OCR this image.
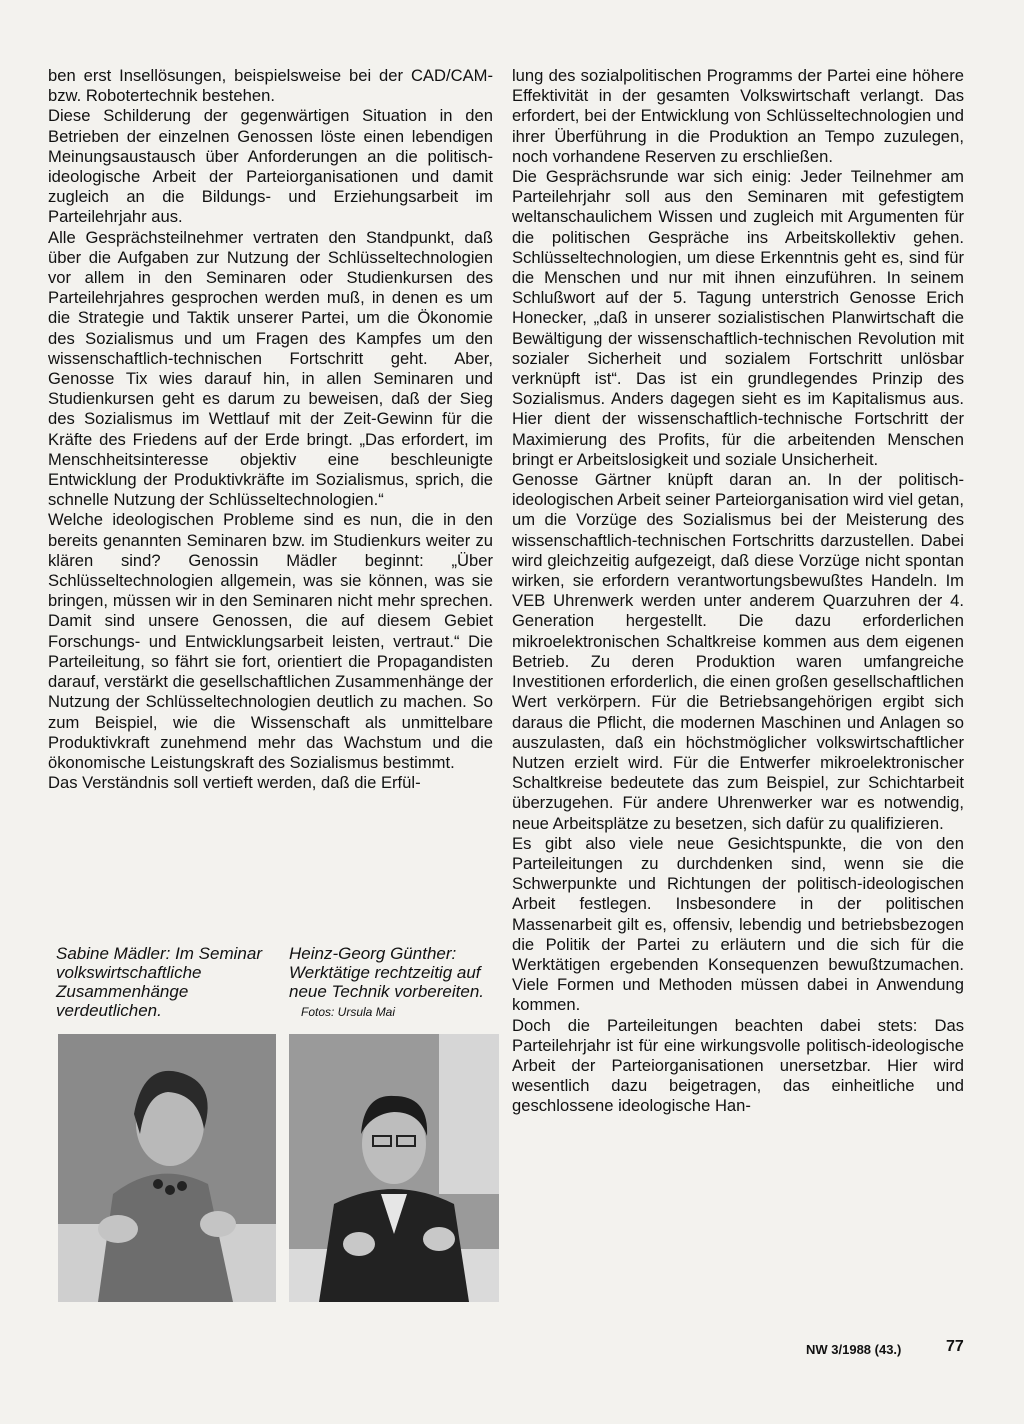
ben erst Insellösungen, beispielsweise bei der CAD/CAM- bzw. Robotertechnik bestehen.

Diese Schilderung der gegenwärtigen Situation in den Betrieben der einzelnen Genossen löste einen lebendigen Meinungsaustausch über Anforderungen an die politisch-ideologische Arbeit der Parteiorganisationen und damit zugleich an die Bildungs- und Erziehungsarbeit im Parteilehrjahr aus.

Alle Gesprächsteilnehmer vertraten den Standpunkt, daß über die Aufgaben zur Nutzung der Schlüsseltechnologien vor allem in den Seminaren oder Studienkursen des Parteilehrjahres gesprochen werden muß, in denen es um die Strategie und Taktik unserer Partei, um die Ökonomie des Sozialismus und um Fragen des Kampfes um den wissenschaftlich-technischen Fortschritt geht. Aber, Genosse Tix wies darauf hin, in allen Seminaren und Studienkursen geht es darum zu beweisen, daß der Sieg des Sozialismus im Wettlauf mit der Zeit-Gewinn für die Kräfte des Friedens auf der Erde bringt. „Das erfordert, im Menschheitsinteresse objektiv eine beschleunigte Entwicklung der Produktivkräfte im Sozialismus, sprich, die schnelle Nutzung der Schlüsseltechnologien.“

Welche ideologischen Probleme sind es nun, die in den bereits genannten Seminaren bzw. im Studienkurs weiter zu klären sind? Genossin Mädler beginnt: „Über Schlüsseltechnologien allgemein, was sie können, was sie bringen, müssen wir in den Seminaren nicht mehr sprechen. Damit sind unsere Genossen, die auf diesem Gebiet Forschungs- und Entwicklungsarbeit leisten, vertraut.“ Die Parteileitung, so fährt sie fort, orientiert die Propagandisten darauf, verstärkt die gesellschaftlichen Zusammenhänge der Nutzung der Schlüsseltechnologien deutlich zu machen. So zum Beispiel, wie die Wissenschaft als unmittelbare Produktivkraft zunehmend mehr das Wachstum und die ökonomische Leistungskraft des Sozialismus bestimmt.

Das Verständnis soll vertieft werden, daß die Erfül-

Sabine Mädler: Im Seminar volkswirtschaftliche Zusammenhänge verdeutlichen.
Heinz-Georg Günther: Werktätige rechtzeitig auf neue Technik vorbereiten. Fotos: Ursula Mai

lung des sozialpolitischen Programms der Partei eine höhere Effektivität in der gesamten Volkswirtschaft verlangt. Das erfordert, bei der Entwicklung von Schlüsseltechnologien und ihrer Überführung in die Produktion an Tempo zuzulegen, noch vorhandene Reserven zu erschließen.

Die Gesprächsrunde war sich einig: Jeder Teilnehmer am Parteilehrjahr soll aus den Seminaren mit gefestigtem weltanschaulichem Wissen und zugleich mit Argumenten für die politischen Gespräche ins Arbeitskollektiv gehen. Schlüsseltechnologien, um diese Erkenntnis geht es, sind für die Menschen und nur mit ihnen einzuführen. In seinem Schlußwort auf der 5. Tagung unterstrich Genosse Erich Honecker, „daß in unserer sozialistischen Planwirtschaft die Bewältigung der wissenschaftlich-technischen Revolution mit sozialer Sicherheit und sozialem Fortschritt unlösbar verknüpft ist“. Das ist ein grundlegendes Prinzip des Sozialismus. Anders dagegen sieht es im Kapitalismus aus. Hier dient der wissenschaftlich-technische Fortschritt der Maximierung des Profits, für die arbeitenden Menschen bringt er Arbeitslosigkeit und soziale Unsicherheit.

Genosse Gärtner knüpft daran an. In der politisch-ideologischen Arbeit seiner Parteiorganisation wird viel getan, um die Vorzüge des Sozialismus bei der Meisterung des wissenschaftlich-technischen Fortschritts darzustellen. Dabei wird gleichzeitig aufgezeigt, daß diese Vorzüge nicht spontan wirken, sie erfordern verantwortungsbewußtes Handeln. Im VEB Uhrenwerk werden unter anderem Quarzuhren der 4. Generation hergestellt. Die dazu erforderlichen mikroelektronischen Schaltkreise kommen aus dem eigenen Betrieb. Zu deren Produktion waren umfangreiche Investitionen erforderlich, die einen großen gesellschaftlichen Wert verkörpern. Für die Betriebsangehörigen ergibt sich daraus die Pflicht, die modernen Maschinen und Anlagen so auszulasten, daß ein höchstmöglicher volkswirtschaftlicher Nutzen erzielt wird. Für die Entwerfer mikroelektronischer Schaltkreise bedeutete das zum Beispiel, zur Schichtarbeit überzugehen. Für andere Uhrenwerker war es notwendig, neue Arbeitsplätze zu besetzen, sich dafür zu qualifizieren.

Es gibt also viele neue Gesichtspunkte, die von den Parteileitungen zu durchdenken sind, wenn sie die Schwerpunkte und Richtungen der politisch-ideologischen Arbeit festlegen. Insbesondere in der politischen Massenarbeit gilt es, offensiv, lebendig und betriebsbezogen die Politik der Partei zu erläutern und die sich für die Werktätigen ergebenden Konsequenzen bewußtzumachen. Viele Formen und Methoden müssen dabei in Anwendung kommen.

Doch die Parteileitungen beachten dabei stets: Das Parteilehrjahr ist für eine wirkungsvolle politisch-ideologische Arbeit der Parteiorganisationen unersetzbar. Hier wird wesentlich dazu beigetragen, das einheitliche und geschlossene ideologische Han-

NW 3/1988 (43.)	77
